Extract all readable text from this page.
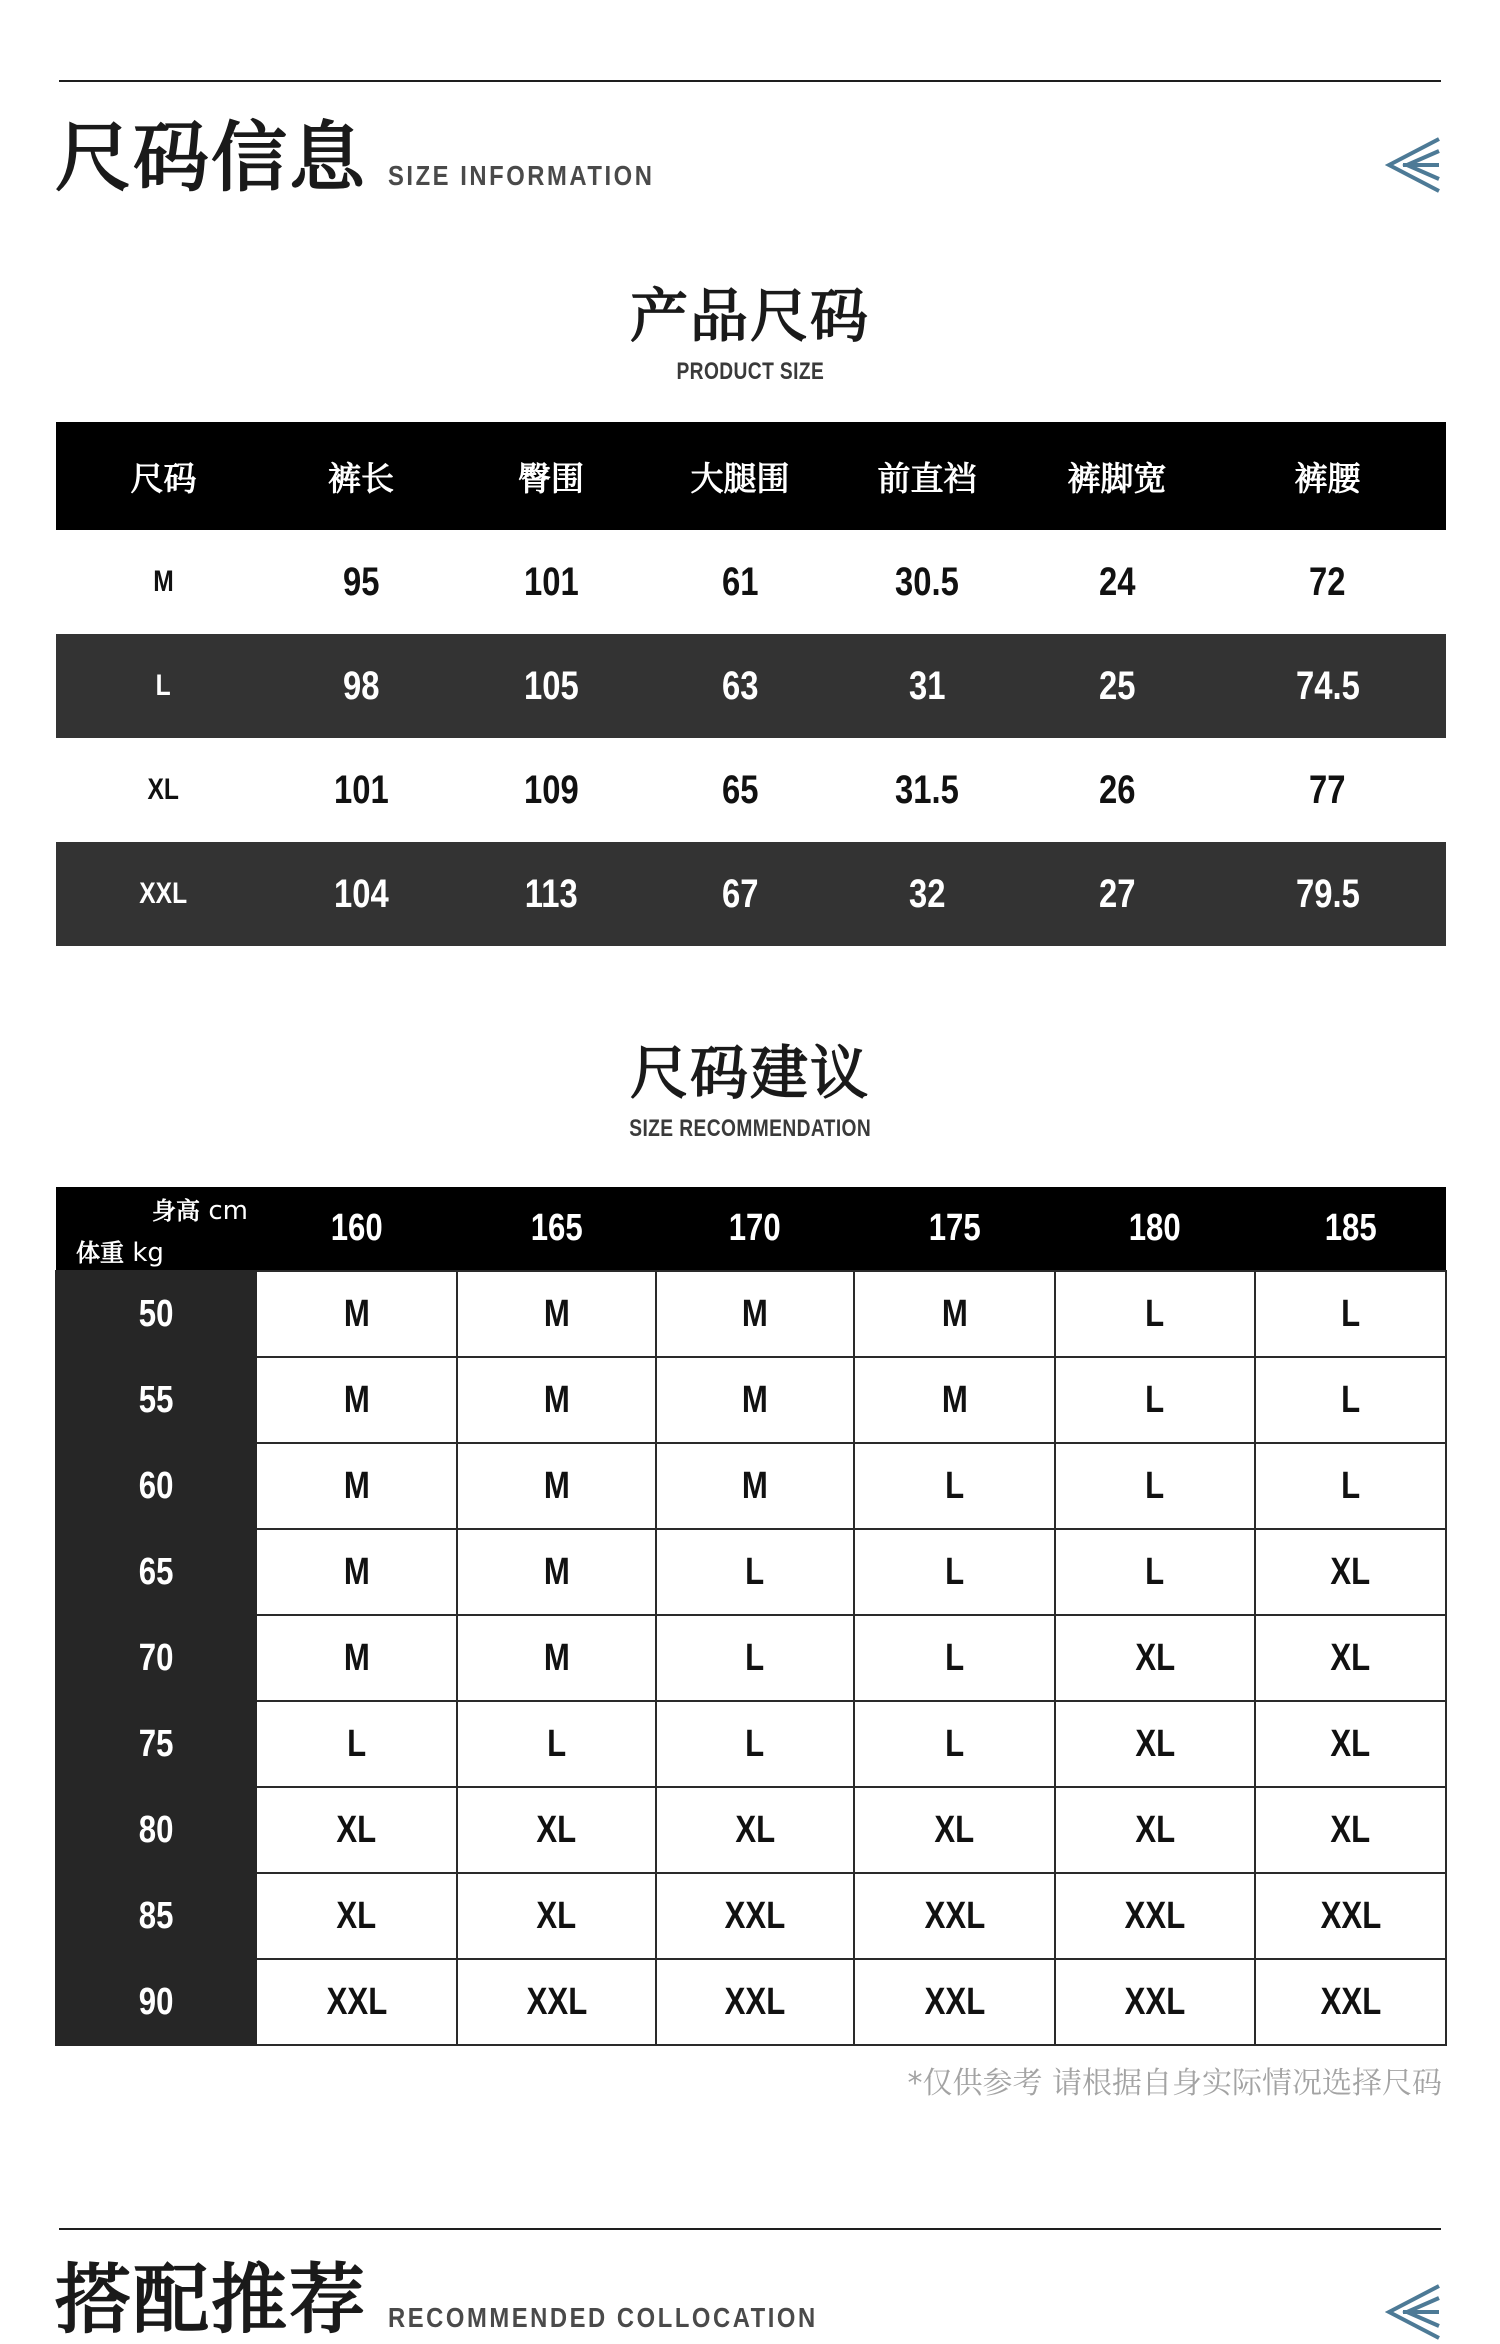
尺码信息 SIZE INFORMATION
产品尺码
PRODUCT SIZE
尺码	裤长	臀围	大腿围	前直裆	裤脚宽	裤腰
M	95	101	61	30.5	24	72
L	98	105	63	31	25	74.5
XL	101	109	65	31.5	26	77
XXL	104	113	67	32	27	79.5
尺码建议
SIZE RECOMMENDATION
身高 cm
体重 kg	160	165	170	175	180	185
50	M	M	M	M	L	L
55	M	M	M	M	L	L
60	M	M	M	L	L	L
65	M	M	L	L	L	XL
70	M	M	L	L	XL	XL
75	L	L	L	L	XL	XL
80	XL	XL	XL	XL	XL	XL
85	XL	XL	XXL	XXL	XXL	XXL
90	XXL	XXL	XXL	XXL	XXL	XXL
*仅供参考 请根据自身实际情况选择尺码
搭配推荐 RECOMMENDED COLLOCATION
